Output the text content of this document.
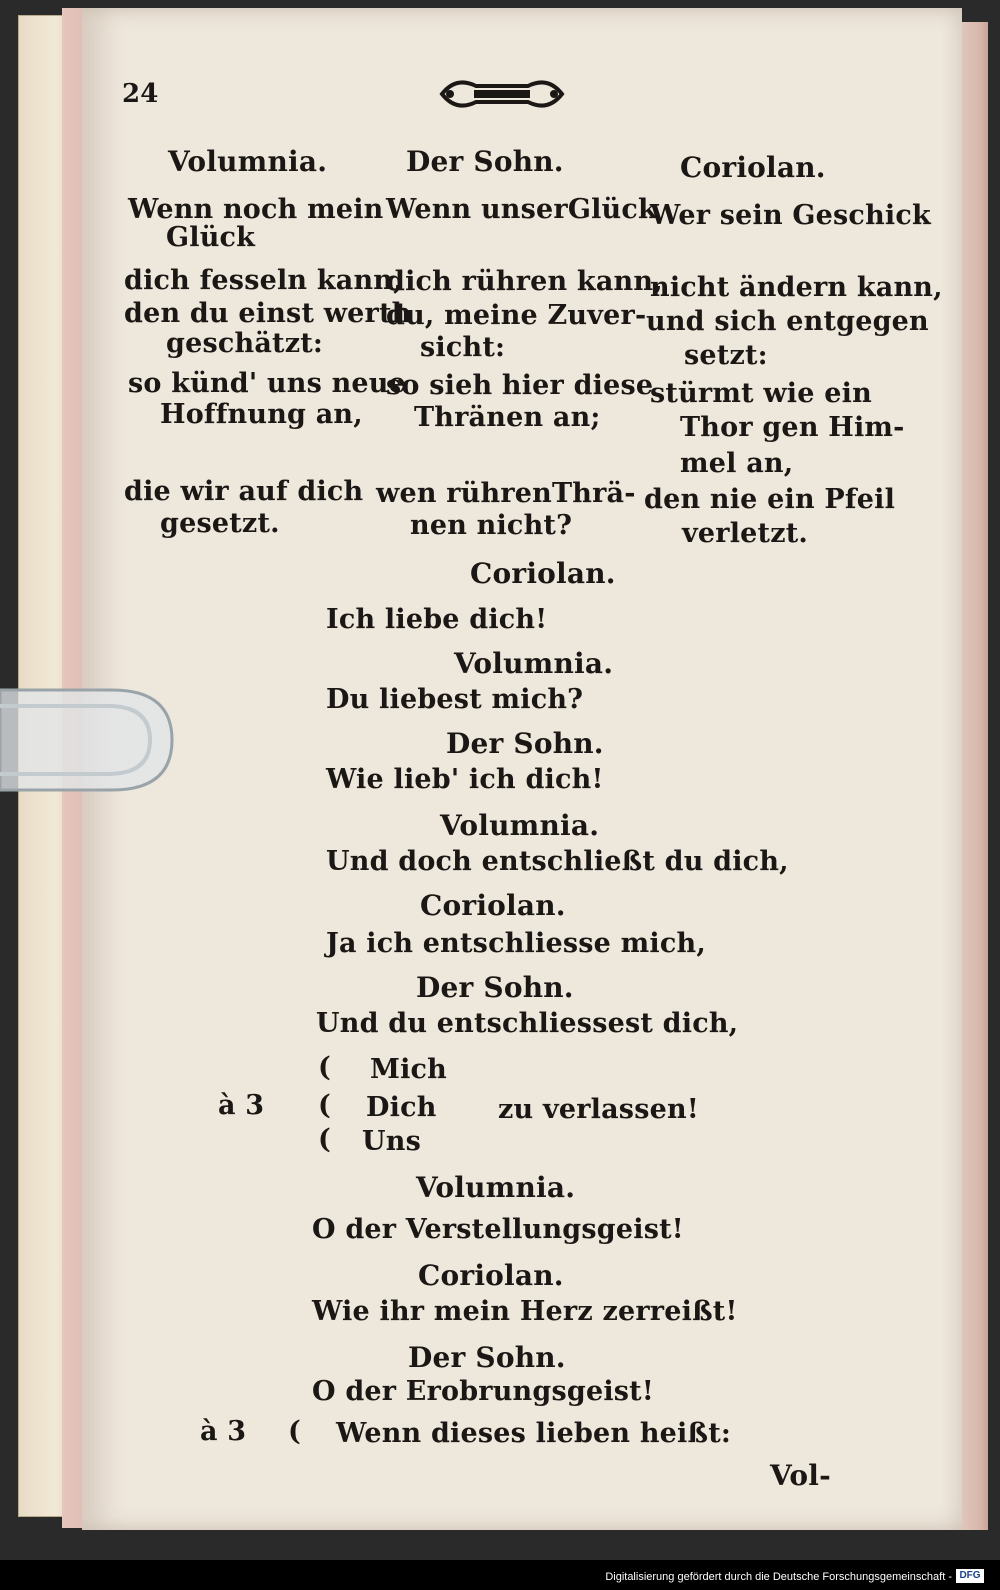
24
Volumnia.
Wenn noch mein
Glück
dich fesseln kann,
den du einst werth
geschätzt:
so künd' uns neue
Hoffnung an,
die wir auf dich
gesetzt.
Der Sohn.
Wenn unserGlück
dich rühren kann,
du, meine Zuver-
sicht:
so sieh hier diese
Thränen an;
wen rührenThrä-
nen nicht?
Coriolan.
Wer sein Geschick
nicht ändern kann,
und sich entgegen
setzt:
stürmt wie ein
Thor gen Him-
mel an,
den nie ein Pfeil
verletzt.
Coriolan.
Ich liebe dich!
Volumnia.
Du liebest mich?
Der Sohn.
Wie lieb' ich dich!
Volumnia.
Und doch entschließt du dich,
Coriolan.
Ja ich entschliesse mich,
Der Sohn.
Und du entschliessest dich,
( Mich
à 3 ( Dich zu verlassen!
( Uns
Volumnia.
O der Verstellungsgeist!
Coriolan.
Wie ihr mein Herz zerreißt!
Der Sohn.
O der Erobrungsgeist!
à 3 ( Wenn dieses lieben heißt:
Vol-
Digitalisierung gefördert durch die Deutsche Forschungsgemeinschaft - DFG
